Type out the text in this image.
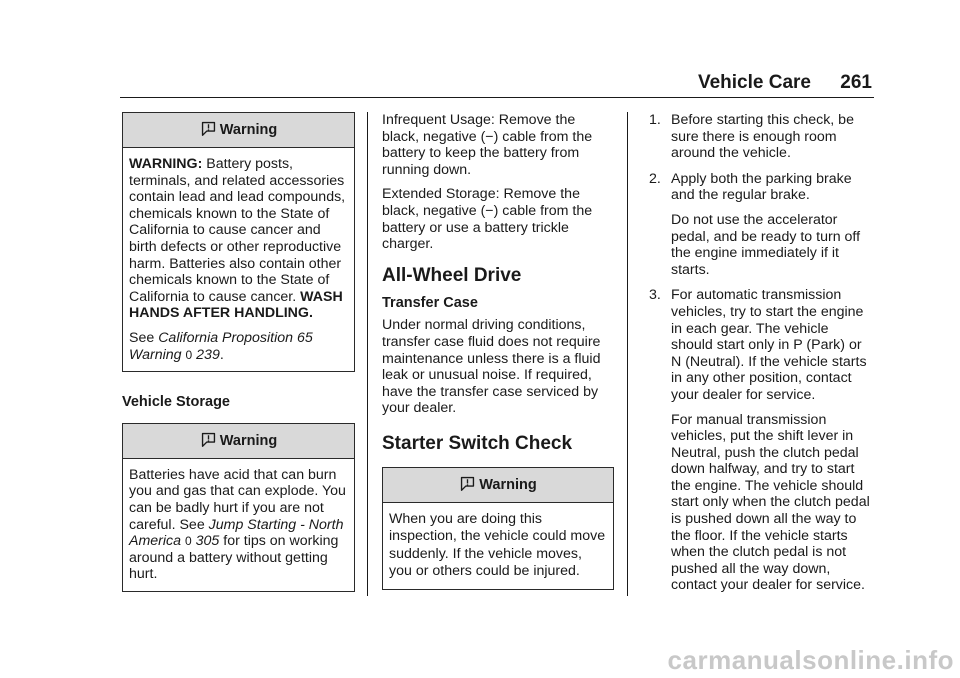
Vehicle Care 261
Warning

WARNING: Battery posts, terminals, and related accessories contain lead and lead compounds, chemicals known to the State of California to cause cancer and birth defects or other reproductive harm. Batteries also contain other chemicals known to the State of California to cause cancer. WASH HANDS AFTER HANDLING.

See California Proposition 65 Warning 0 239.

Vehicle Storage
Warning

Batteries have acid that can burn you and gas that can explode. You can be badly hurt if you are not careful. See Jump Starting - North America 0 305 for tips on working around a battery without getting hurt.

Infrequent Usage: Remove the black, negative (−) cable from the battery to keep the battery from running down.

Extended Storage: Remove the black, negative (−) cable from the battery or use a battery trickle charger.

All-Wheel Drive
Transfer Case

Under normal driving conditions, transfer case fluid does not require maintenance unless there is a fluid leak or unusual noise. If required, have the transfer case serviced by your dealer.

Starter Switch Check
Warning

When you are doing this inspection, the vehicle could move suddenly. If the vehicle moves, you or others could be injured.

1. Before starting this check, be sure there is enough room around the vehicle.

2. Apply both the parking brake and the regular brake.

Do not use the accelerator pedal, and be ready to turn off the engine immediately if it starts.

3. For automatic transmission vehicles, try to start the engine in each gear. The vehicle should start only in P (Park) or N (Neutral). If the vehicle starts in any other position, contact your dealer for service.

For manual transmission vehicles, put the shift lever in Neutral, push the clutch pedal down halfway, and try to start the engine. The vehicle should start only when the clutch pedal is pushed down all the way to the floor. If the vehicle starts when the clutch pedal is not pushed all the way down, contact your dealer for service.

carmanualsonline.info
